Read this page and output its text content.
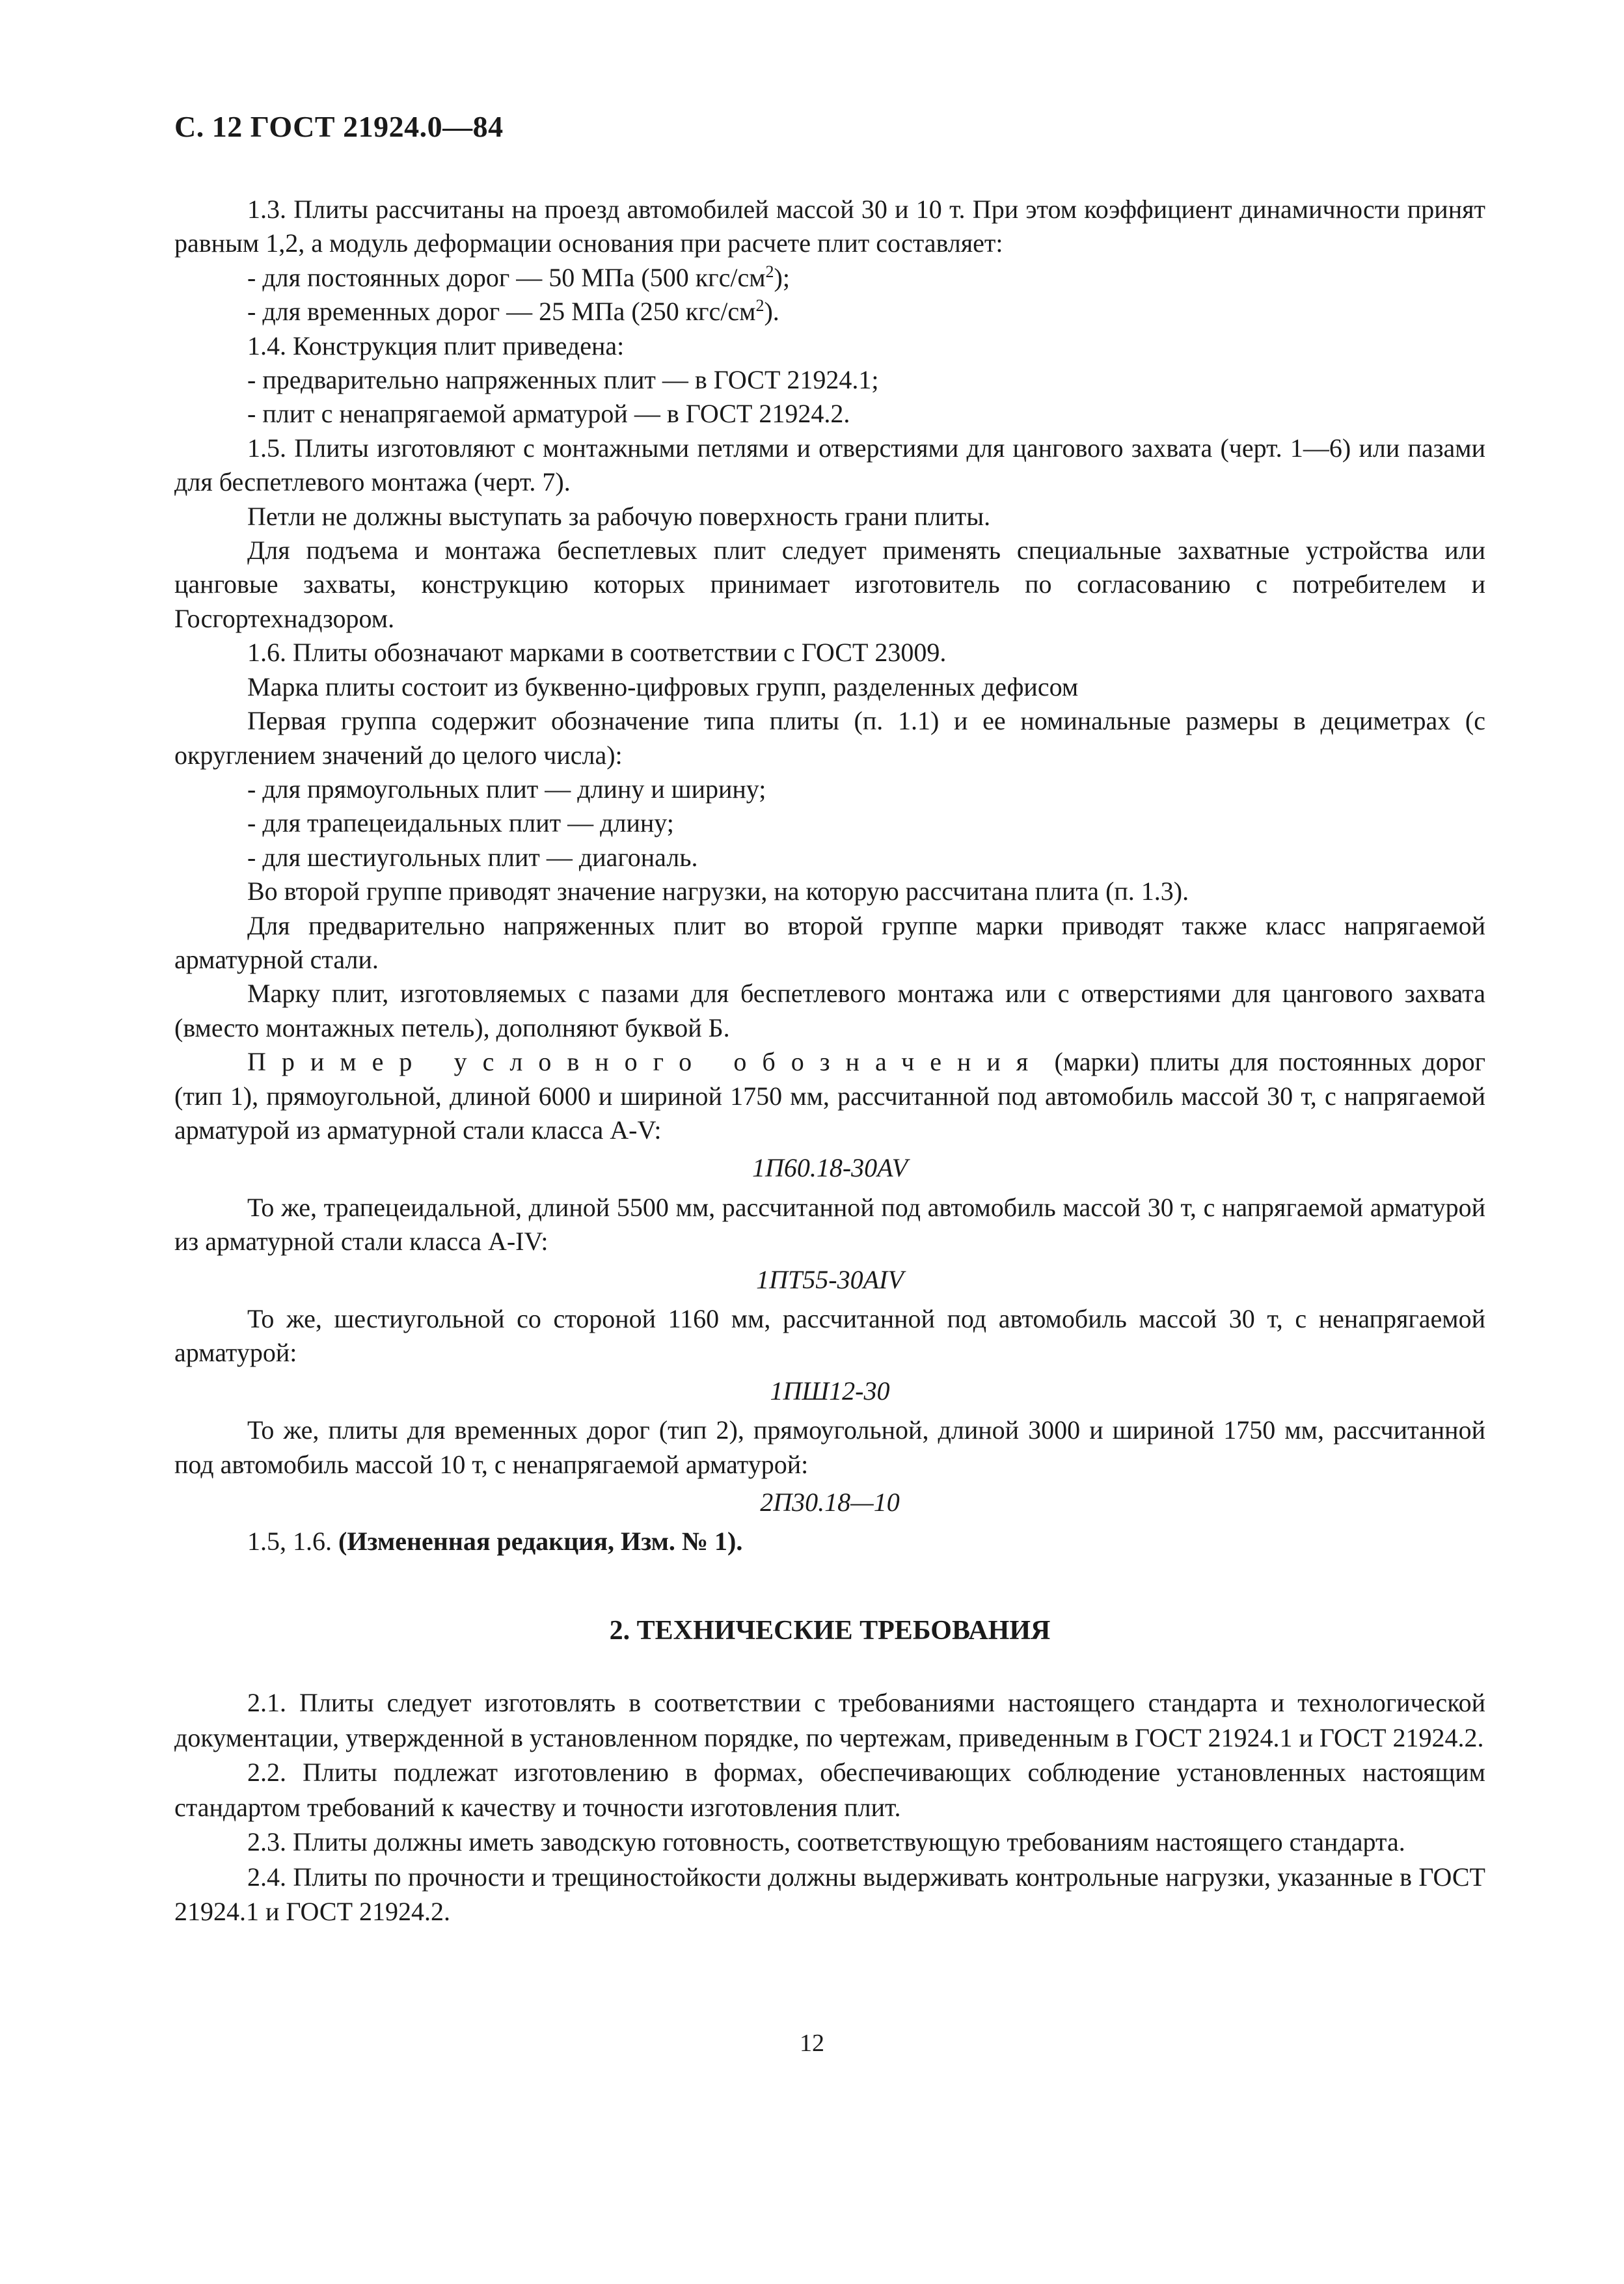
С. 12 ГОСТ 21924.0—84

1.3. Плиты рассчитаны на проезд автомобилей массой 30 и 10 т. При этом коэффициент динамичности принят равным 1,2, а модуль деформации основания при расчете плит составляет:

- для постоянных дорог — 50 МПа (500 кгс/$см^2$);

- для временных дорог — 25 МПа (250 кгс/$см^2$).

1.4. Конструкция плит приведена:

- предварительно напряженных плит — в ГОСТ 21924.1;

- плит с ненапрягаемой арматурой — в ГОСТ 21924.2.

1.5. Плиты изготовляют с монтажными петлями и отверстиями для цангового захвата (черт. 1—6) или пазами для беспетлевого монтажа (черт. 7).

Петли не должны выступать за рабочую поверхность грани плиты.

Для подъема и монтажа беспетлевых плит следует применять специальные захватные устройства или цанговые захваты, конструкцию которых принимает изготовитель по согласованию с потребителем и Госгортехнадзором.

1.6. Плиты обозначают марками в соответствии с ГОСТ 23009.

Марка плиты состоит из буквенно-цифровых групп, разделенных дефисом

Первая группа содержит обозначение типа плиты (п. 1.1) и ее номинальные размеры в дециметрах (с округлением значений до целого числа):

- для прямоугольных плит — длину и ширину;

- для трапецеидальных плит — длину;

- для шестиугольных плит — диагональ.

Во второй группе приводят значение нагрузки, на которую рассчитана плита (п. 1.3).

Для предварительно напряженных плит во второй группе марки приводят также класс напрягаемой арматурной стали.

Марку плит, изготовляемых с пазами для беспетлевого монтажа или с отверстиями для цангового захвата (вместо монтажных петель), дополняют буквой Б.

Пример условного обозначения (марки) плиты для постоянных дорог (тип 1), прямоугольной, длиной 6000 и шириной 1750 мм, рассчитанной под автомобиль массой 30 т, с напрягаемой арматурой из арматурной стали класса A-V:

1П60.18-30AV

То же, трапецеидальной, длиной 5500 мм, рассчитанной под автомобиль массой 30 т, с напрягаемой арматурой из арматурной стали класса A-IV:

1ПТ55-30AIV

То же, шестиугольной со стороной 1160 мм, рассчитанной под автомобиль массой 30 т, с ненапрягаемой арматурой:

1ПШ12-30

То же, плиты для временных дорог (тип 2), прямоугольной, длиной 3000 и шириной 1750 мм, рассчитанной под автомобиль массой 10 т, с ненапрягаемой арматурой:

2П30.18—10

1.5, 1.6. (Измененная редакция, Изм. № 1).

2. ТЕХНИЧЕСКИЕ ТРЕБОВАНИЯ

2.1. Плиты следует изготовлять в соответствии с требованиями настоящего стандарта и технологической документации, утвержденной в установленном порядке, по чертежам, приведенным в ГОСТ 21924.1 и ГОСТ 21924.2.

2.2. Плиты подлежат изготовлению в формах, обеспечивающих соблюдение установленных настоящим стандартом требований к качеству и точности изготовления плит.

2.3. Плиты должны иметь заводскую готовность, соответствующую требованиям настоящего стандарта.

2.4. Плиты по прочности и трещиностойкости должны выдерживать контрольные нагрузки, указанные в ГОСТ 21924.1 и ГОСТ 21924.2.

12
